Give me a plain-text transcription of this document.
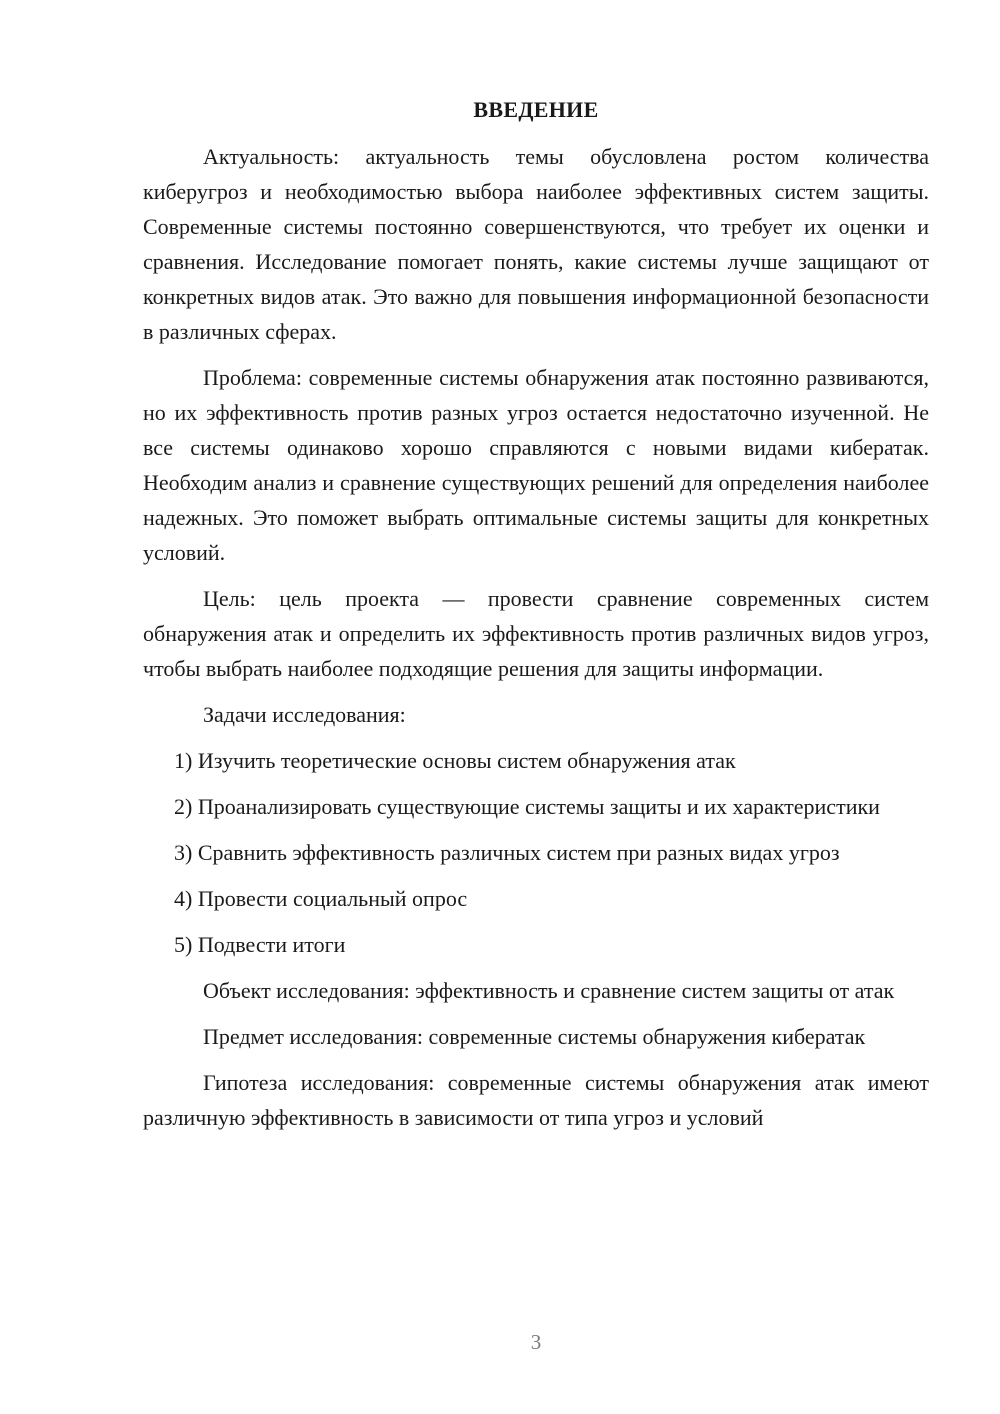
ВВЕДЕНИЕ

Актуальность: актуальность темы обусловлена ростом количества киберугроз и необходимостью выбора наиболее эффективных систем защиты. Современные системы постоянно совершенствуются, что требует их оценки и сравнения. Исследование помогает понять, какие системы лучше защищают от конкретных видов атак. Это важно для повышения информационной безопасности в различных сферах.

Проблема: современные системы обнаружения атак постоянно развиваются, но их эффективность против разных угроз остается недостаточно изученной. Не все системы одинаково хорошо справляются с новыми видами кибератак. Необходим анализ и сравнение существующих решений для определения наиболее надежных. Это поможет выбрать оптимальные системы защиты для конкретных условий.

Цель: цель проекта — провести сравнение современных систем обнаружения атак и определить их эффективность против различных видов угроз, чтобы выбрать наиболее подходящие решения для защиты информации.

Задачи исследования:

1) Изучить теоретические основы систем обнаружения атак

2) Проанализировать существующие системы защиты и их характеристики

3) Сравнить эффективность различных систем при разных видах угроз

4) Провести социальный опрос

5) Подвести итоги

Объект исследования: эффективность и сравнение систем защиты от атак

Предмет исследования: современные системы обнаружения кибератак

Гипотеза исследования: современные системы обнаружения атак имеют различную эффективность в зависимости от типа угроз и условий

3
